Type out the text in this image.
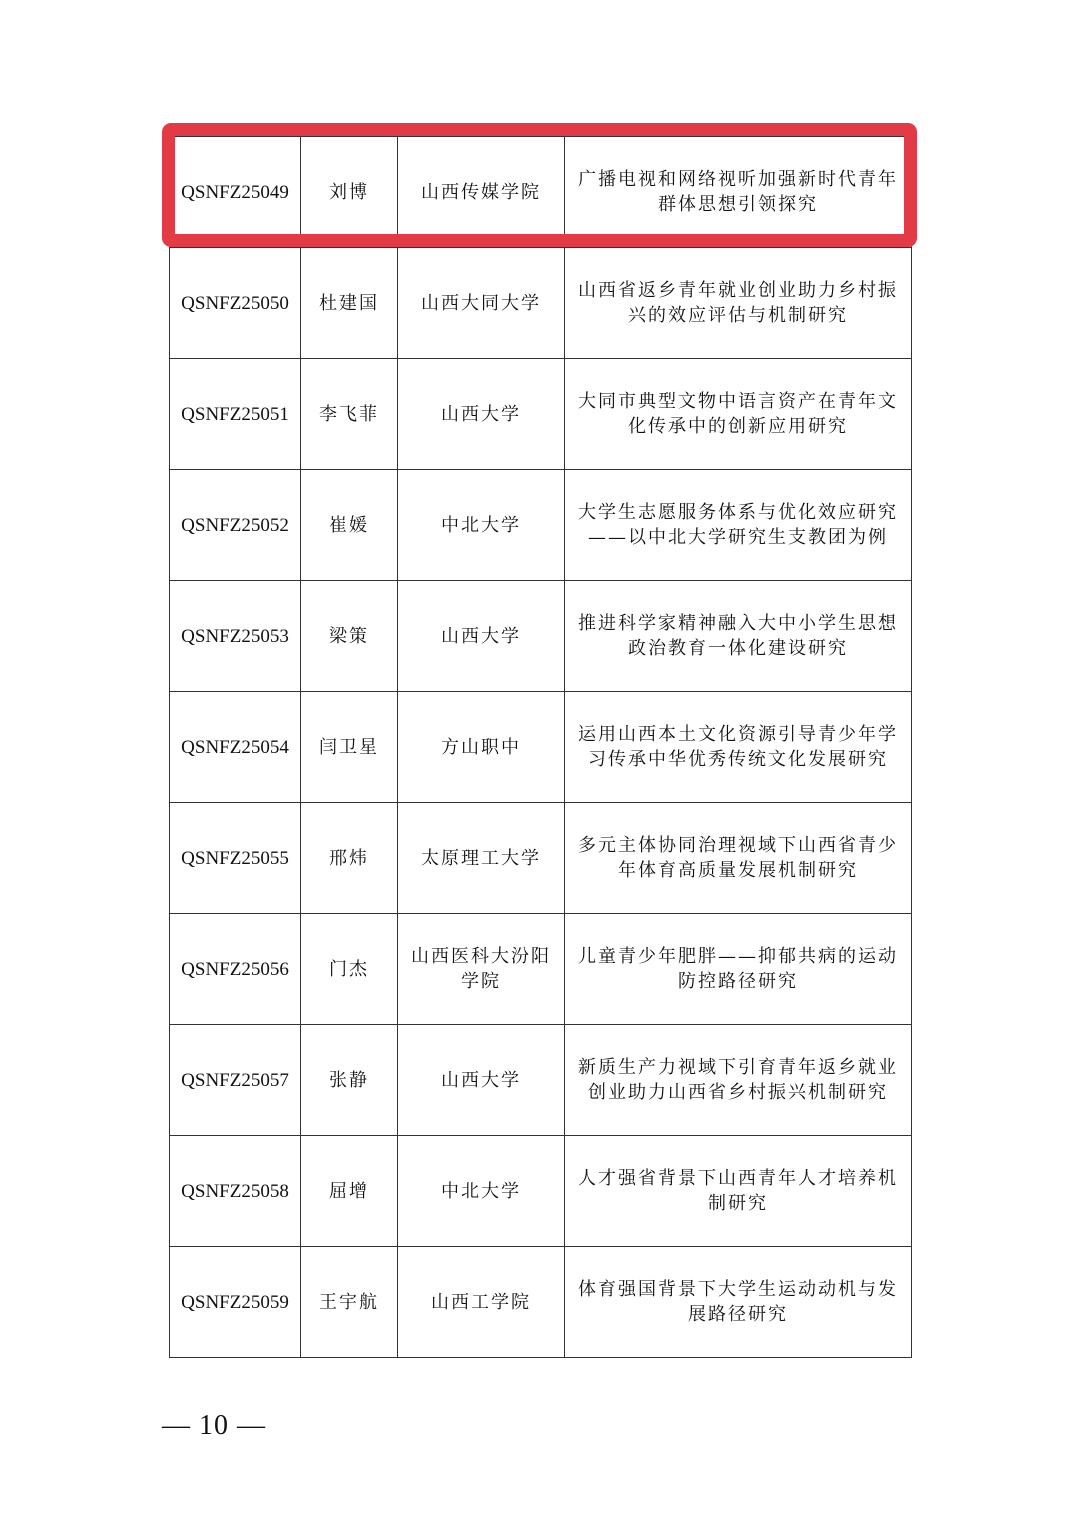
QSNFZ25049	刘博	山西传媒学院	广播电视和网络视听加强新时代青年群体思想引领探究
QSNFZ25050	杜建国	山西大同大学	山西省返乡青年就业创业助力乡村振兴的效应评估与机制研究
QSNFZ25051	李飞菲	山西大学	大同市典型文物中语言资产在青年文化传承中的创新应用研究
QSNFZ25052	崔媛	中北大学	大学生志愿服务体系与优化效应研究——以中北大学研究生支教团为例
QSNFZ25053	梁策	山西大学	推进科学家精神融入大中小学生思想政治教育一体化建设研究
QSNFZ25054	闫卫星	方山职中	运用山西本土文化资源引导青少年学习传承中华优秀传统文化发展研究
QSNFZ25055	邢炜	太原理工大学	多元主体协同治理视域下山西省青少年体育高质量发展机制研究
QSNFZ25056	门杰	山西医科大汾阳学院	儿童青少年肥胖——抑郁共病的运动防控路径研究
QSNFZ25057	张静	山西大学	新质生产力视域下引育青年返乡就业创业助力山西省乡村振兴机制研究
QSNFZ25058	屈增	中北大学	人才强省背景下山西青年人才培养机制研究
QSNFZ25059	王宇航	山西工学院	体育强国背景下大学生运动动机与发展路径研究
— 10 —
